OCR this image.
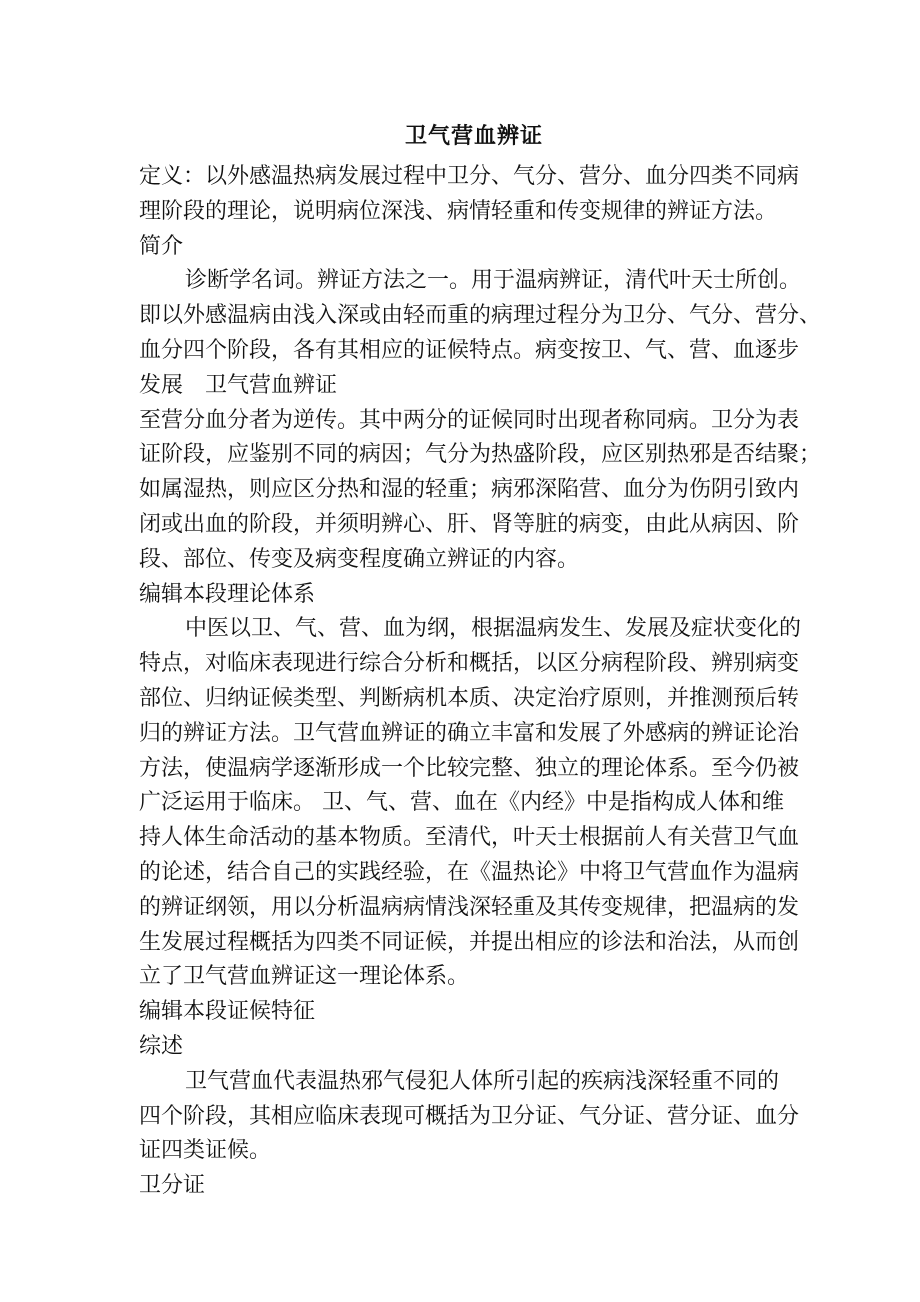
卫气营血辨证

定义：以外感温热病发展过程中卫分、气分、营分、血分四类不同病

理阶段的理论，说明病位深浅、病情轻重和传变规律的辨证方法。

简介

诊断学名词。辨证方法之一。用于温病辨证，清代叶天士所创。

即以外感温病由浅入深或由轻而重的病理过程分为卫分、气分、营分、

血分四个阶段，各有其相应的证候特点。病变按卫、气、营、血逐步

发展　卫气营血辨证

至营分血分者为逆传。其中两分的证候同时出现者称同病。卫分为表

证阶段，应鉴别不同的病因；气分为热盛阶段，应区别热邪是否结聚；

如属湿热，则应区分热和湿的轻重；病邪深陷营、血分为伤阴引致内

闭或出血的阶段，并须明辨心、肝、肾等脏的病变，由此从病因、阶

段、部位、传变及病变程度确立辨证的内容。

编辑本段理论体系

中医以卫、气、营、血为纲，根据温病发生、发展及症状变化的

特点，对临床表现进行综合分析和概括，以区分病程阶段、辨别病变

部位、归纳证候类型、判断病机本质、决定治疗原则，并推测预后转

归的辨证方法。卫气营血辨证的确立丰富和发展了外感病的辨证论治

方法，使温病学逐渐形成一个比较完整、独立的理论体系。至今仍被

广泛运用于临床。 卫、气、营、血在《内经》中是指构成人体和维

持人体生命活动的基本物质。至清代，叶天士根据前人有关营卫气血

的论述，结合自己的实践经验，在《温热论》中将卫气营血作为温病

的辨证纲领，用以分析温病病情浅深轻重及其传变规律，把温病的发

生发展过程概括为四类不同证候，并提出相应的诊法和治法，从而创

立了卫气营血辨证这一理论体系。

编辑本段证候特征

综述

卫气营血代表温热邪气侵犯人体所引起的疾病浅深轻重不同的

四个阶段，其相应临床表现可概括为卫分证、气分证、营分证、血分

证四类证候。

卫分证
